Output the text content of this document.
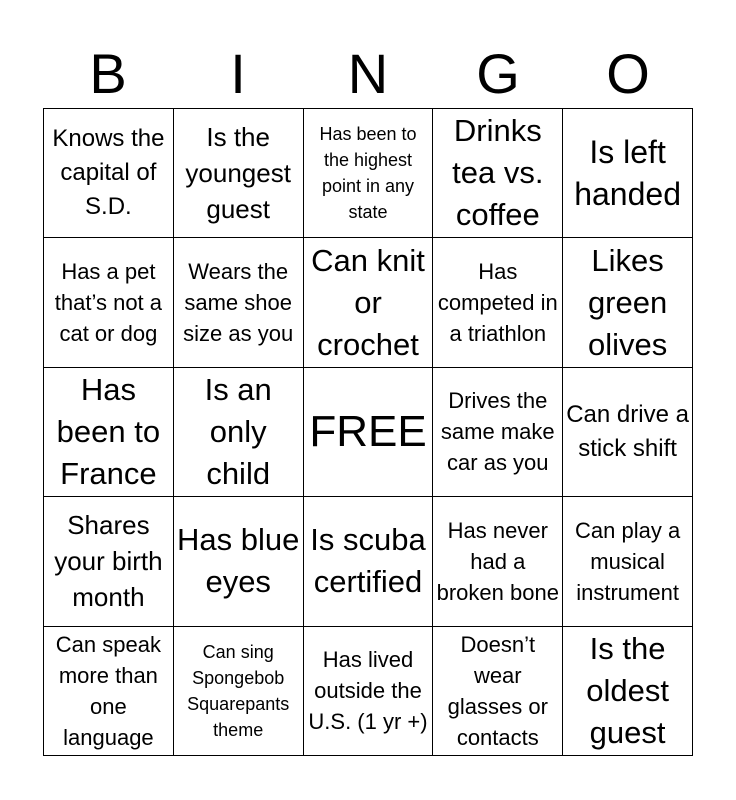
B	I	N	G	O
Knows the capital of S.D.
Is the youngest guest
Has been to the highest point in any state
Drinks tea vs. coffee
Is left handed
Has a pet that’s not a cat or dog
Wears the same shoe size as you
Can knit or crochet
Has competed in a triathlon
Likes green olives
Has been to France
Is an only child
FREE
Drives the same make car as you
Can drive a stick shift
Shares your birth month
Has blue eyes
Is scuba certified
Has never had a broken bone
Can play a musical instrument
Can speak more than one language
Can sing Spongebob Squarepants theme
Has lived outside the U.S. (1 yr +)
Doesn’t wear glasses or contacts
Is the oldest guest
